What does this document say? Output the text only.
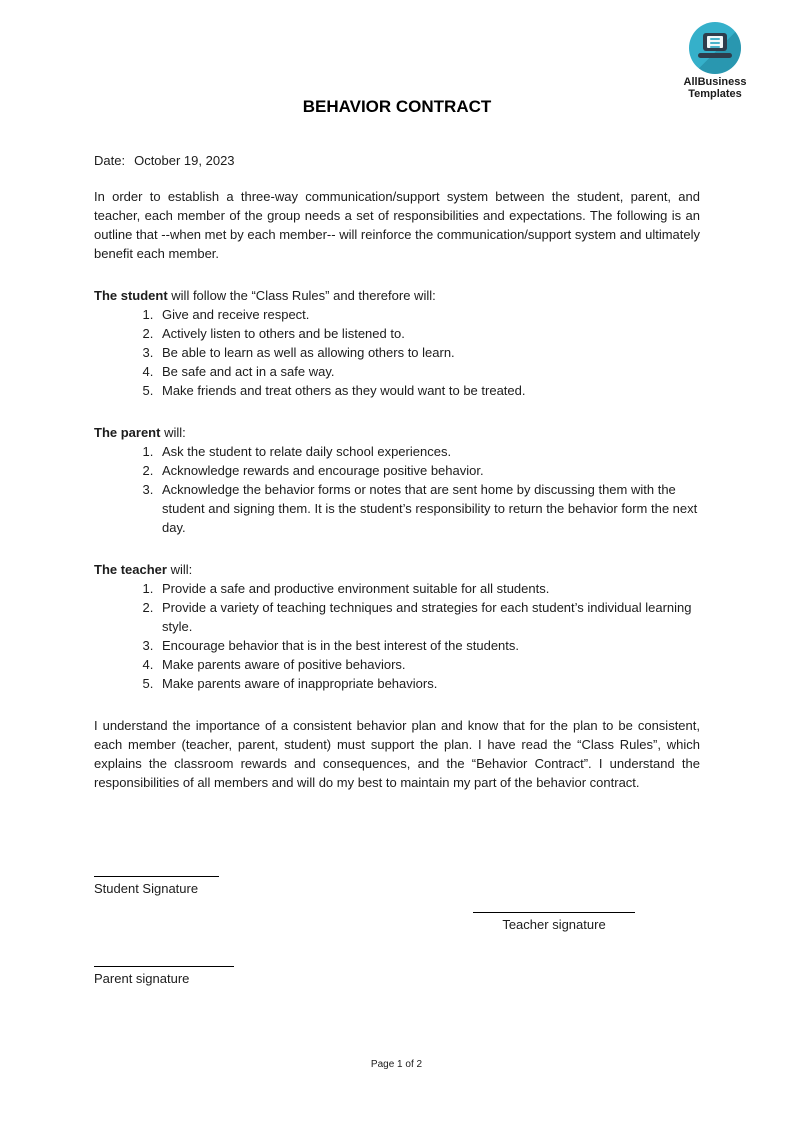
AllBusiness
Templates
BEHAVIOR CONTRACT
Date: October 19, 2023

In order to establish a three-way communication/support system between the student, parent, and teacher, each member of the group needs a set of responsibilities and expectations. The following is an outline that --when met by each member-- will reinforce the communication/support system and ultimately benefit each member.

The student will follow the “Class Rules” and therefore will:
1. Give and receive respect.
2. Actively listen to others and be listened to.
3. Be able to learn as well as allowing others to learn.
4. Be safe and act in a safe way.
5. Make friends and treat others as they would want to be treated.
The parent will:
1. Ask the student to relate daily school experiences.
2. Acknowledge rewards and encourage positive behavior.
3. Acknowledge the behavior forms or notes that are sent home by discussing them with the student and signing them. It is the student’s responsibility to return the behavior form the next day.
The teacher will:
1. Provide a safe and productive environment suitable for all students.
2. Provide a variety of teaching techniques and strategies for each student’s individual learning style.
3. Encourage behavior that is in the best interest of the students.
4. Make parents aware of positive behaviors.
5. Make parents aware of inappropriate behaviors.

I understand the importance of a consistent behavior plan and know that for the plan to be consistent, each member (teacher, parent, student) must support the plan. I have read the “Class Rules”, which explains the classroom rewards and consequences, and the “Behavior Contract”. I understand the responsibilities of all members and will do my best to maintain my part of the behavior contract.

Student Signature
Teacher signature
Parent signature
Page 1 of 2
